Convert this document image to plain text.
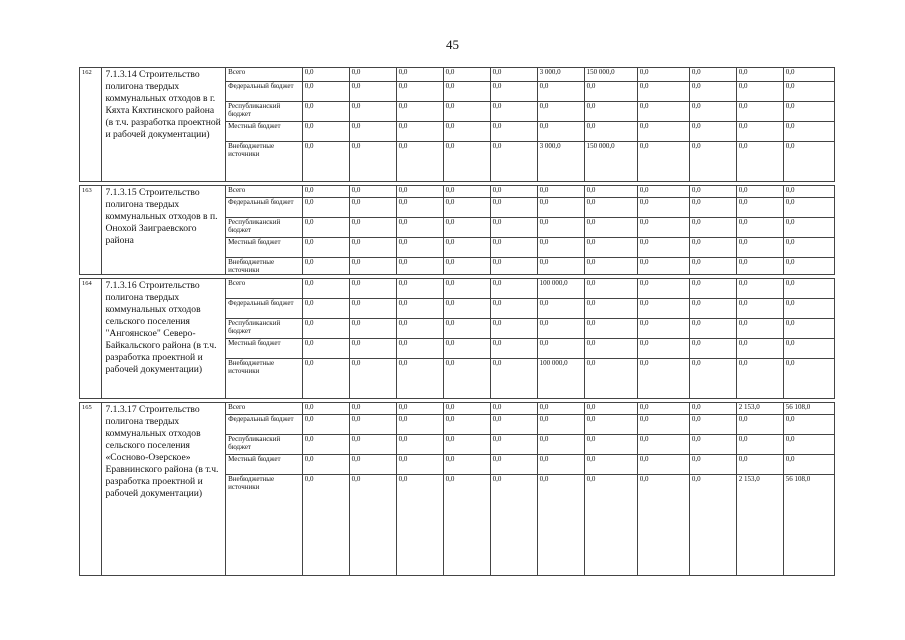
45
162	7.1.3.14 Строительство полигона твердых коммунальных отходов в г. Кяхта Кяхтинского района (в т.ч. разработка проектной и рабочей документации)	Всего	0,0	0,0	0,0	0,0	0,0	3 000,0	150 000,0	0,0	0,0	0,0	0,0
		Федеральный бюджет	0,0	0,0	0,0	0,0	0,0	0,0	0,0	0,0	0,0	0,0	0,0
		Республиканский бюджет	0,0	0,0	0,0	0,0	0,0	0,0	0,0	0,0	0,0	0,0	0,0
		Местный бюджет	0,0	0,0	0,0	0,0	0,0	0,0	0,0	0,0	0,0	0,0	0,0
		Внебюджетные источники	0,0	0,0	0,0	0,0	0,0	3 000,0	150 000,0	0,0	0,0	0,0	0,0

163	7.1.3.15 Строительство полигона твердых коммунальных отходов в п. Онохой Заиграевского района	Всего	0,0	0,0	0,0	0,0	0,0	0,0	0,0	0,0	0,0	0,0	0,0
		Федеральный бюджет	0,0	0,0	0,0	0,0	0,0	0,0	0,0	0,0	0,0	0,0	0,0
		Республиканский бюджет	0,0	0,0	0,0	0,0	0,0	0,0	0,0	0,0	0,0	0,0	0,0
		Местный бюджет	0,0	0,0	0,0	0,0	0,0	0,0	0,0	0,0	0,0	0,0	0,0
		Внебюджетные источники	0,0	0,0	0,0	0,0	0,0	0,0	0,0	0,0	0,0	0,0	0,0

164	7.1.3.16 Строительство полигона твердых коммунальных отходов сельского поселения "Ангоянское" Северо-Байкальского района (в т.ч. разработка проектной и рабочей документации)	Всего	0,0	0,0	0,0	0,0	0,0	100 000,0	0,0	0,0	0,0	0,0	0,0
		Федеральный бюджет	0,0	0,0	0,0	0,0	0,0	0,0	0,0	0,0	0,0	0,0	0,0
		Республиканский бюджет	0,0	0,0	0,0	0,0	0,0	0,0	0,0	0,0	0,0	0,0	0,0
		Местный бюджет	0,0	0,0	0,0	0,0	0,0	0,0	0,0	0,0	0,0	0,0	0,0
		Внебюджетные источники	0,0	0,0	0,0	0,0	0,0	100 000,0	0,0	0,0	0,0	0,0	0,0

165	7.1.3.17 Строительство полигона твердых коммунальных отходов сельского поселения «Сосново-Озерское» Еравнинского района (в т.ч. разработка проектной и рабочей документации)	Всего	0,0	0,0	0,0	0,0	0,0	0,0	0,0	0,0	0,0	2 153,0	56 108,0
		Федеральный бюджет	0,0	0,0	0,0	0,0	0,0	0,0	0,0	0,0	0,0	0,0	0,0
		Республиканский бюджет	0,0	0,0	0,0	0,0	0,0	0,0	0,0	0,0	0,0	0,0	0,0
		Местный бюджет	0,0	0,0	0,0	0,0	0,0	0,0	0,0	0,0	0,0	0,0	0,0
		Внебюджетные источники	0,0	0,0	0,0	0,0	0,0	0,0	0,0	0,0	0,0	2 153,0	56 108,0
